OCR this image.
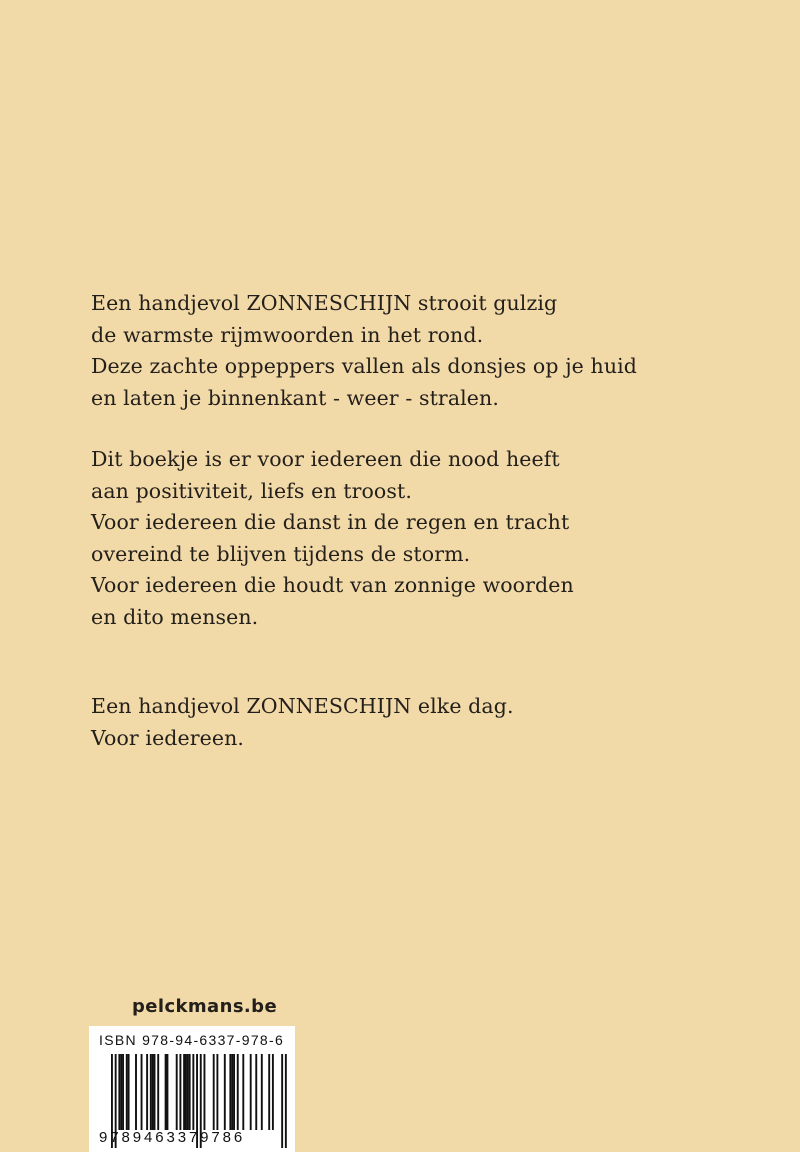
Een handjevol ZONNESCHIJN strooit gulzig
de warmste rijmwoorden in het rond.
Deze zachte oppeppers vallen als donsjes op je huid
en laten je binnenkant - weer - stralen.

Dit boekje is er voor iedereen die nood heeft
aan positiviteit, liefs en troost.
Voor iedereen die danst in de regen en tracht
overeind te blijven tijdens de storm.
Voor iedereen die houdt van zonnige woorden
en dito mensen.

Een handjevol ZONNESCHIJN elke dag.
Voor iedereen.

pelckmans.be
ISBN 978-94-6337-978-6
9789463379786
